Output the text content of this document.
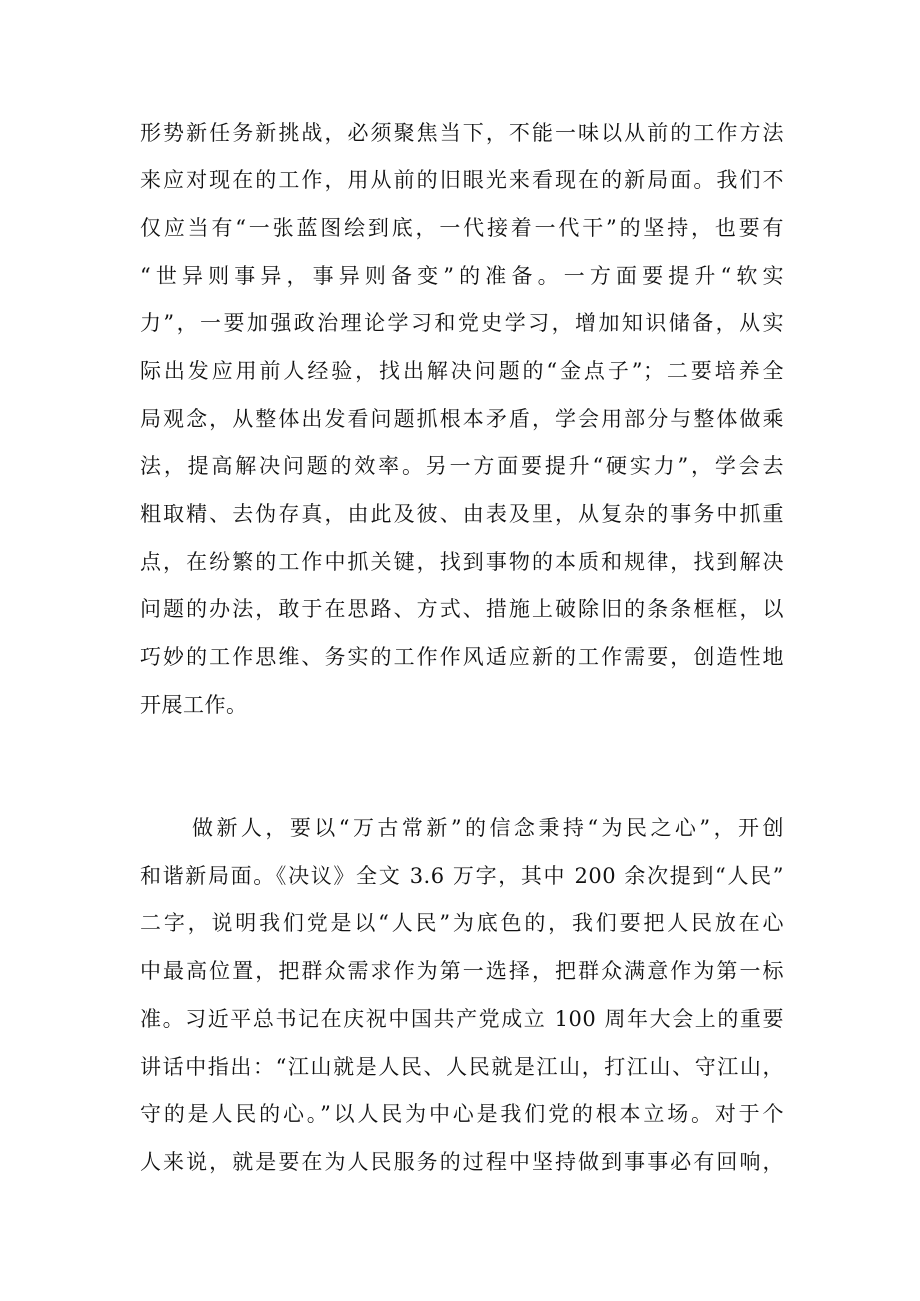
形势新任务新挑战，必须聚焦当下，不能一味以从前的工作方法
来应对现在的工作，用从前的旧眼光来看现在的新局面。我们不
仅应当有“一张蓝图绘到底，一代接着一代干”的坚持，也要有
“世异则事异，事异则备变”的准备。一方面要提升“软实
力”，一要加强政治理论学习和党史学习，增加知识储备，从实
际出发应用前人经验，找出解决问题的“金点子”；二要培养全
局观念，从整体出发看问题抓根本矛盾，学会用部分与整体做乘
法，提高解决问题的效率。另一方面要提升“硬实力”，学会去
粗取精、去伪存真，由此及彼、由表及里，从复杂的事务中抓重
点，在纷繁的工作中抓关键，找到事物的本质和规律，找到解决
问题的办法，敢于在思路、方式、措施上破除旧的条条框框，以
巧妙的工作思维、务实的工作作风适应新的工作需要，创造性地
开展工作。
做新人，要以“万古常新”的信念秉持“为民之心”，开创
和谐新局面。《决议》全文 3.6 万字，其中 200 余次提到“人民”
二字，说明我们党是以“人民”为底色的，我们要把人民放在心
中最高位置，把群众需求作为第一选择，把群众满意作为第一标
准。习近平总书记在庆祝中国共产党成立 100 周年大会上的重要
讲话中指出：“江山就是人民、人民就是江山，打江山、守江山，
守的是人民的心。”以人民为中心是我们党的根本立场。对于个
人来说，就是要在为人民服务的过程中坚持做到事事必有回响，
